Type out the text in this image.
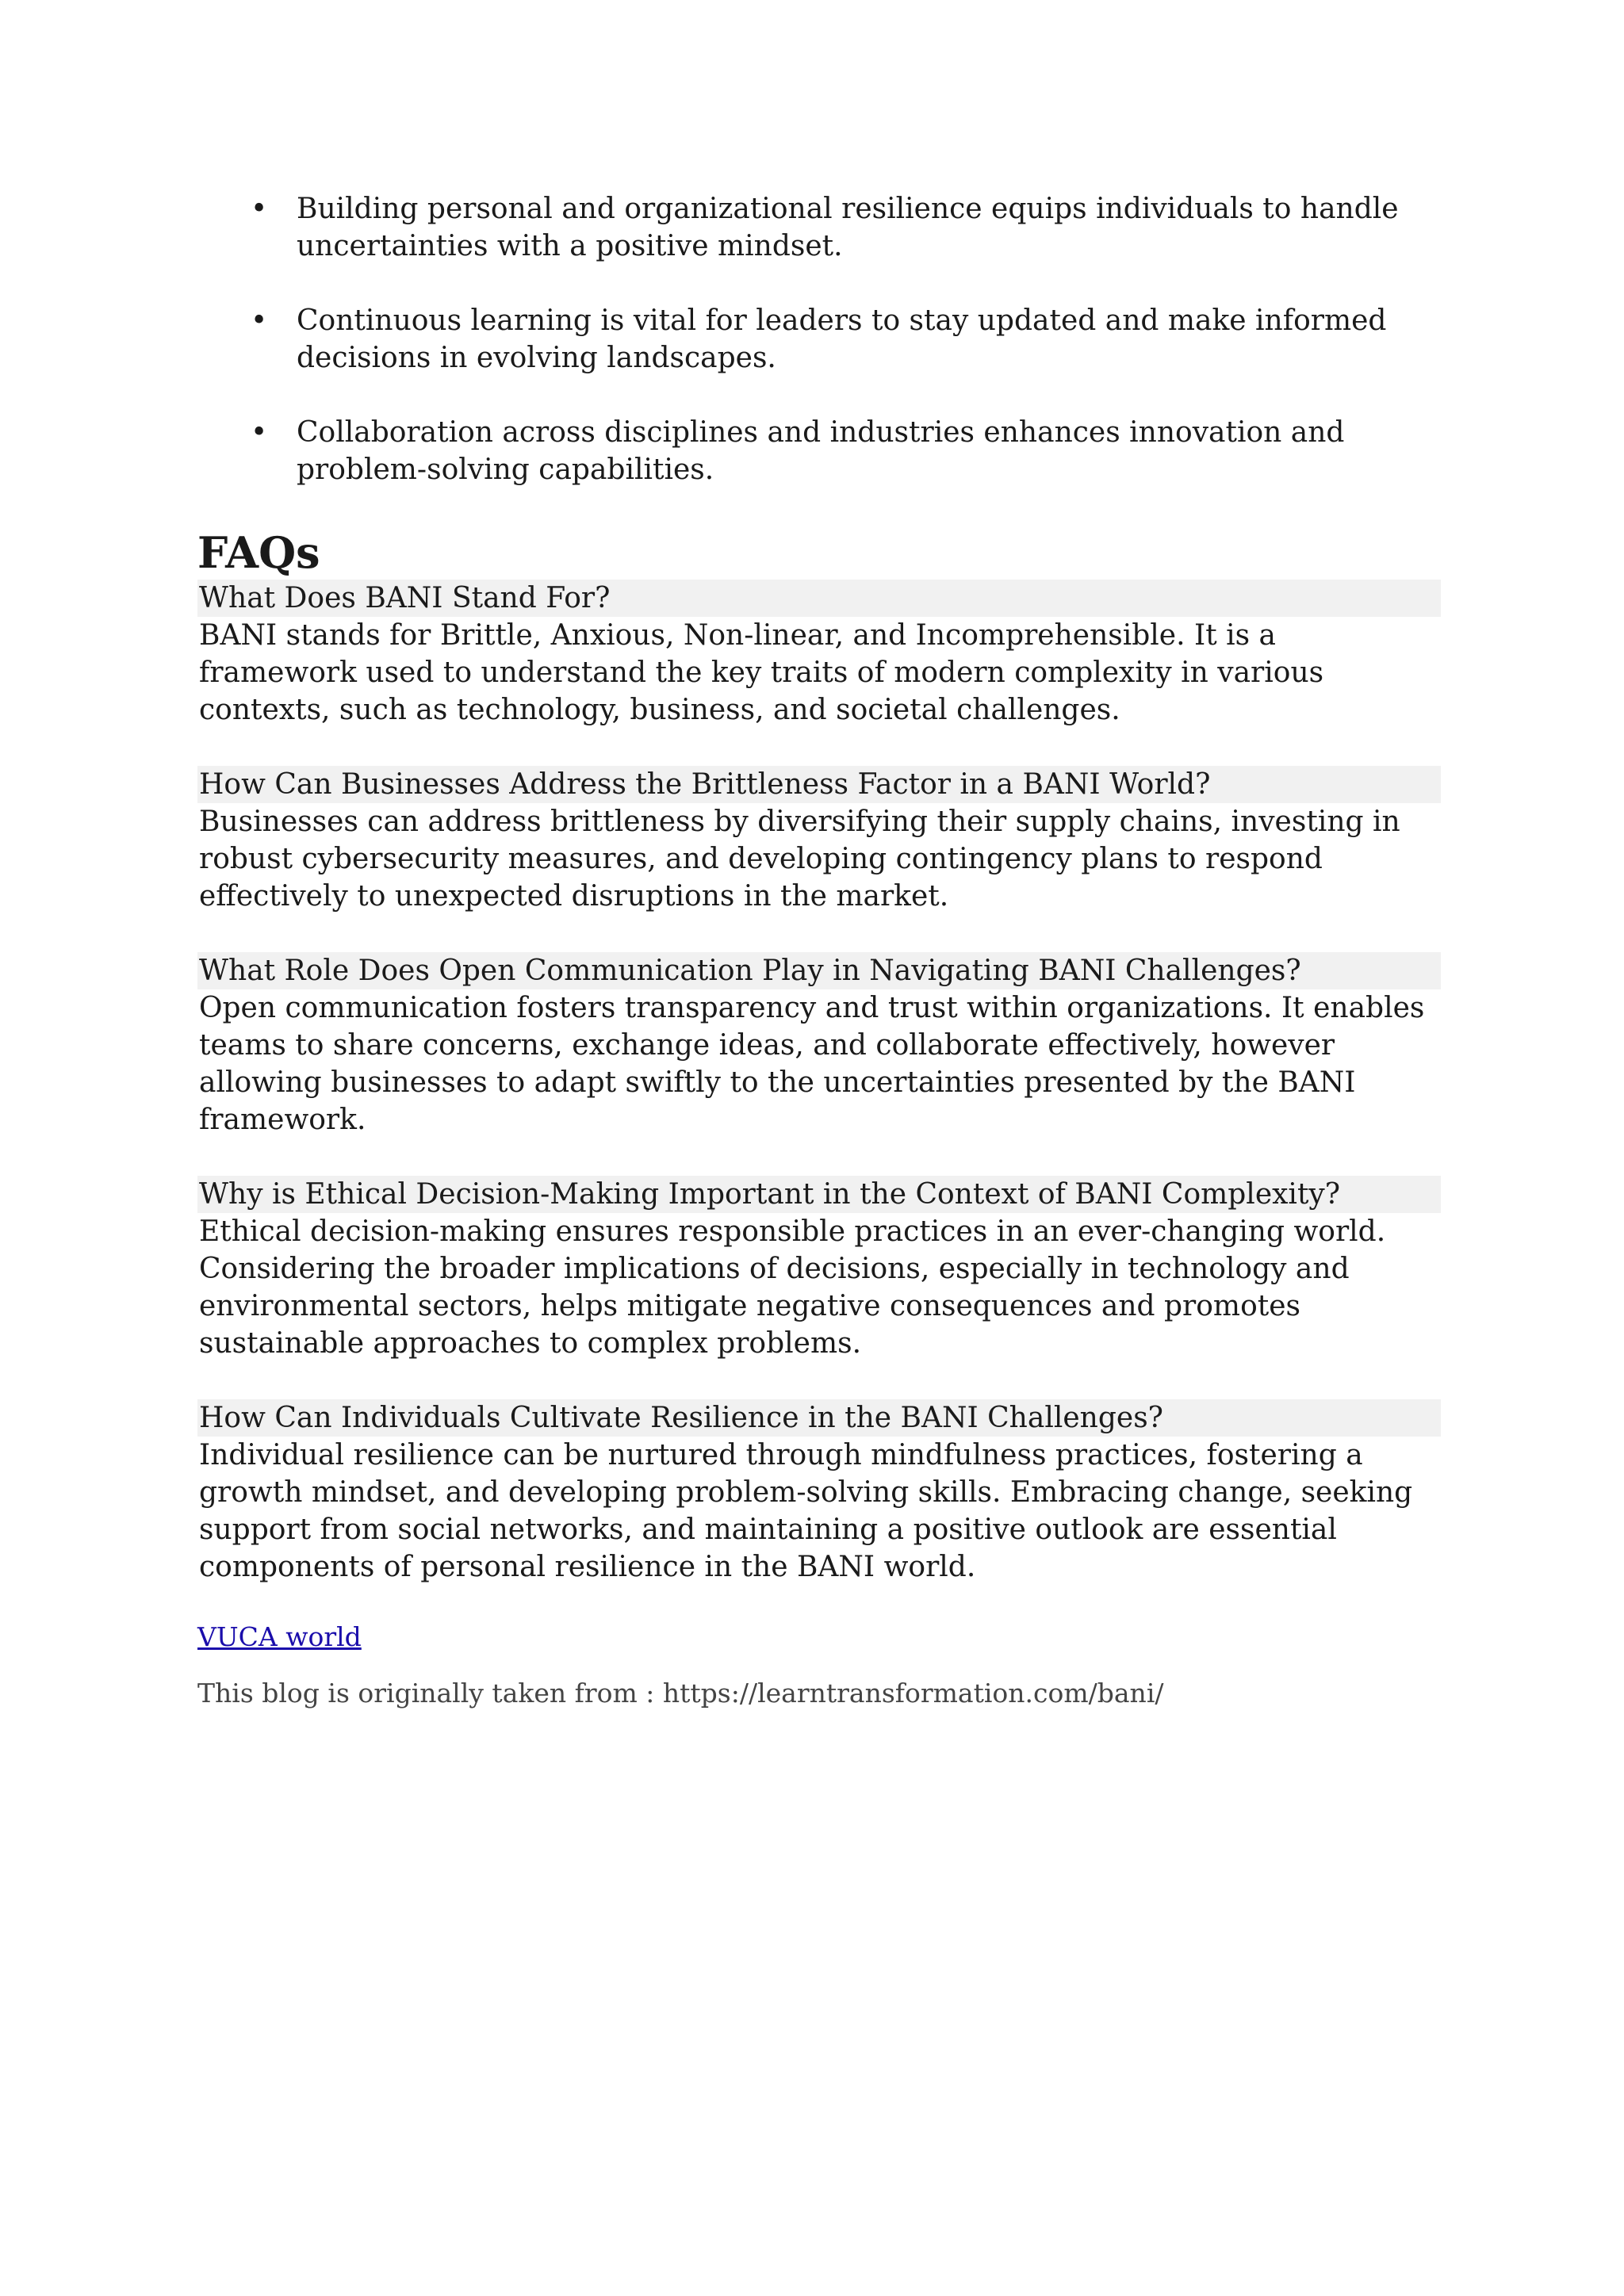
• Building personal and organizational resilience equips individuals to handle uncertainties with a positive mindset.
• Continuous learning is vital for leaders to stay updated and make informed decisions in evolving landscapes.
• Collaboration across disciplines and industries enhances innovation and problem-solving capabilities.
FAQs
What Does BANI Stand For?
BANI stands for Brittle, Anxious, Non-linear, and Incomprehensible. It is a framework used to understand the key traits of modern complexity in various contexts, such as technology, business, and societal challenges.
How Can Businesses Address the Brittleness Factor in a BANI World?
Businesses can address brittleness by diversifying their supply chains, investing in robust cybersecurity measures, and developing contingency plans to respond effectively to unexpected disruptions in the market.
What Role Does Open Communication Play in Navigating BANI Challenges?
Open communication fosters transparency and trust within organizations. It enables teams to share concerns, exchange ideas, and collaborate effectively, however allowing businesses to adapt swiftly to the uncertainties presented by the BANI framework.
Why is Ethical Decision-Making Important in the Context of BANI Complexity?
Ethical decision-making ensures responsible practices in an ever-changing world. Considering the broader implications of decisions, especially in technology and environmental sectors, helps mitigate negative consequences and promotes sustainable approaches to complex problems.
How Can Individuals Cultivate Resilience in the BANI Challenges?
Individual resilience can be nurtured through mindfulness practices, fostering a growth mindset, and developing problem-solving skills. Embracing change, seeking support from social networks, and maintaining a positive outlook are essential components of personal resilience in the BANI world.
VUCA world
This blog is originally taken from : https://learntransformation.com/bani/
